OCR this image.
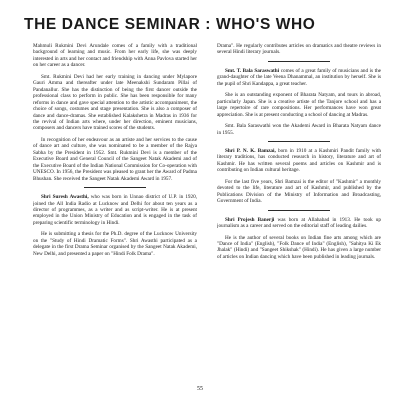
THE DANCE SEMINAR : WHO'S WHO

Mahmuli Rukmini Devi Arundale comes of a family with a traditional background of learning and music. From her early life, she was deeply interested in arts and her contact and friendship with Anna Pavlova started her on her career as a dancer.

Smt. Rukmini Devi had her early training in dancing under Mylapore Gauri Amma and thereafter under late Meenakshi Sundaram Pillai of Pandanallur. She has the distinction of being the first dancer outside the professional class to perform in public. She has been responsible for many reforms in dance and gave special attention to the artistic accompaniment, the choice of songs, costumes and stage presentation. She is also a composer of dance and dance-dramas. She established Kalakshetra in Madras in 1936 for the revival of Indian arts where, under her direction, eminent musicians, composers and dancers have trained scores of the students.

In recognition of her endeavour as an artiste and her services to the cause of dance art and culture, she was nominated to be a member of the Rajya Sabha by the President in 1952. Smt. Rukmini Devi is a member of the Executive Board and General Council of the Sangeet Natak Akademi and of the Executive Board of the Indian National Commission for Co-operation with UNESCO. In 1956, the President was pleased to grant her the Award of Padma Bhushan. She received the Sangeet Natak Akademi Award in 1957.

Shri Suresh Awasthi, who was born in Unnao district of U.P. in 1920, joined the All India Radio at Lucknow and Delhi for about ten years as a director of programmes, as a writer and as script-writer. He is at present employed in the Union Ministry of Education and is engaged in the task of preparing scientific terminology in Hindi.

He is submitting a thesis for the Ph.D. degree of the Lucknow University on the "Study of Hindi Dramatic Forms". Shri Awasthi participated as a delegate in the first Drama Seminar organised by the Sangeet Natak Akademi, New Delhi, and presented a paper on "Hindi Folk Drama".

Drama". He regularly contributes articles on dramatics and theatre reviews in several Hindi literary journals.

Smt. T. Bala Saraswathi comes of a great family of musicians and is the grand-daughter of the late Veena Dhanammal, an institution by herself. She is the pupil of Shri Kandappa, a great teacher.

She is an outstanding exponent of Bharata Natyam, and tours in abroad, particularly Japan. She is a creative artiste of the Tanjore school and has a large repertoire of rare compositions. Her performances have won great appreciation. She is at present conducting a school of dancing at Madras.

Smt. Bala Saraswathi won the Akademi Award in Bharata Natyam dance in 1955.

Shri P. N. K. Bamzai, born in 1910 at a Kashmiri Pandit family with literary traditions, has conducted research in history, literature and art of Kashmir. He has written several poems and articles on Kashmir and is contributing on Indian cultural heritage.

For the last five years, Shri Bamzai is the editor of "Kashmir" a monthly devoted to the life, literature and art of Kashmir, and published by the Publications Division of the Ministry of Information and Broadcasting, Government of India.

Shri Projesh Banerji was born at Allahabad in 1913. He took up journalism as a career and served on the editorial staff of leading dailies.

He is the author of several books on Indian fine arts among which are "Dance of India" (English), "Folk Dance of India" (English), "Sahitya Ki Ek Jhalak" (Hindi) and "Sangeet Shikshak" (Hindi). He has given a large number of articles on Indian dancing which have been published in leading journals.

55
